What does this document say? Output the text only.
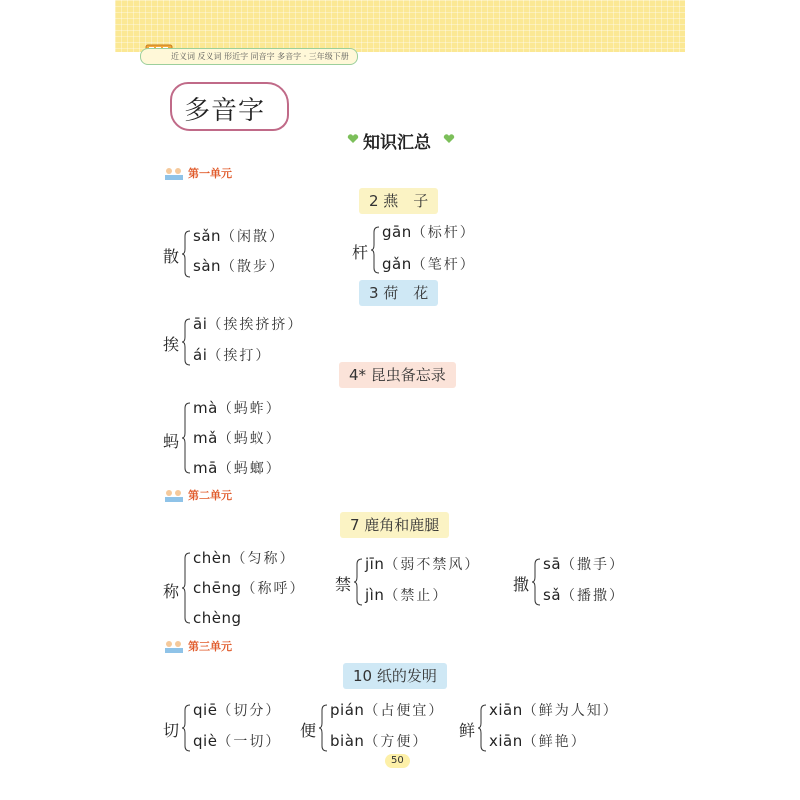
近义词 反义词 形近字 同音字 多音字 · 三年级下册
多音字
知识汇总
第一单元
2 燕　子
散
sǎn（闲散）
sàn（散步）
杆
gān（标杆）
gǎn（笔杆）
3 荷　花
挨
āi（挨挨挤挤）
ái（挨打）
4* 昆虫备忘录
蚂
mà（蚂蚱）
mǎ（蚂蚁）
mā（蚂螂）
第二单元
7 鹿角和鹿腿
称
chèn（匀称）
chēng（称呼）
chèng
禁
jīn（弱不禁风）
jìn（禁止）
撒
sā（撒手）
sǎ（播撒）
第三单元
10 纸的发明
切
qiē（切分）
qiè（一切）
便
pián（占便宜）
biàn（方便）
鲜
xiān（鲜为人知）
xiān（鲜艳）
50
